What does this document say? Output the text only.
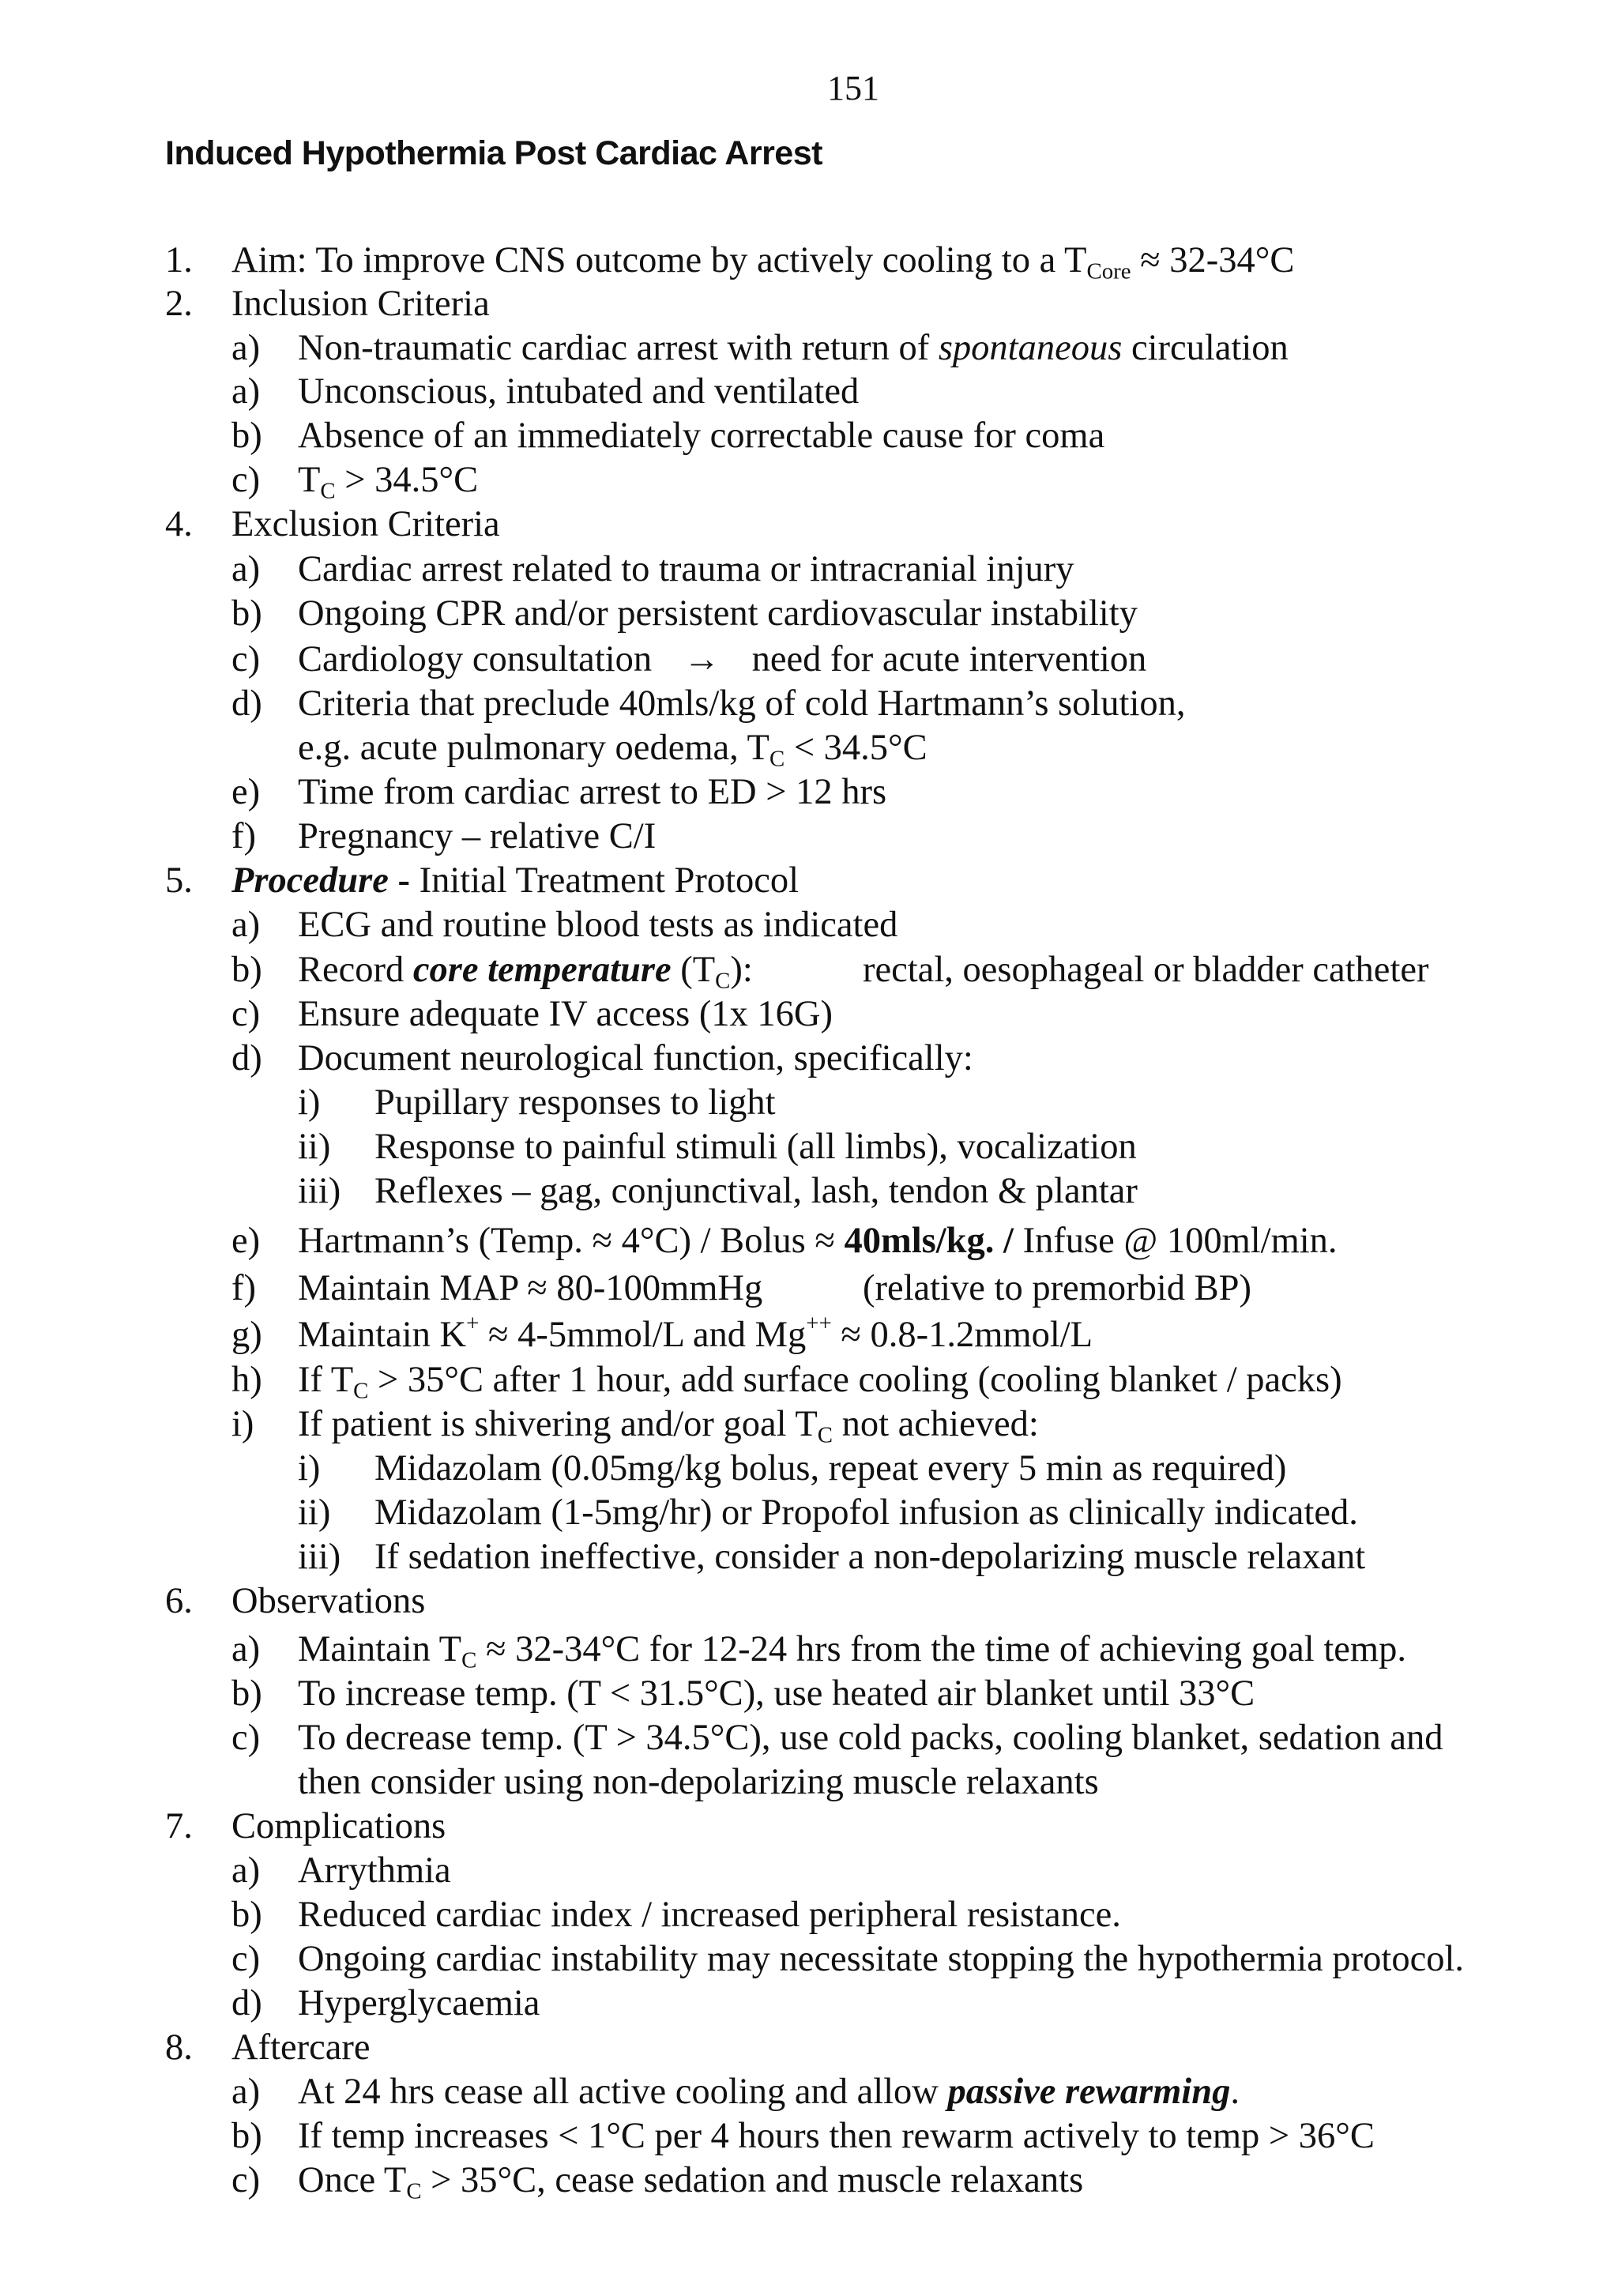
151
Induced Hypothermia Post Cardiac Arrest
1. Aim: To improve CNS outcome by actively cooling to a $T_{Core} \approx 32-34^\circ C$
2. Inclusion Criteria
a) Non-traumatic cardiac arrest with return of spontaneous circulation
a) Unconscious, intubated and ventilated
b) Absence of an immediately correctable cause for coma
c) $T_C > 34.5^\circ C$
4. Exclusion Criteria
a) Cardiac arrest related to trauma or intracranial injury
b) Ongoing CPR and/or persistent cardiovascular instability
c) Cardiology consultation → need for acute intervention
d) Criteria that preclude 40mls/kg of cold Hartmann’s solution,
e.g. acute pulmonary oedema, $T_C < 34.5^\circ C$
e) Time from cardiac arrest to ED > 12 hrs
f) Pregnancy – relative C/I
5. Procedure - Initial Treatment Protocol
a) ECG and routine blood tests as indicated
b) Record core temperature $(T_C)$:	rectal, oesophageal or bladder catheter
c) Ensure adequate IV access (1x 16G)
d) Document neurological function, specifically:
i) Pupillary responses to light
ii) Response to painful stimuli (all limbs), vocalization
iii) Reflexes – gag, conjunctival, lash, tendon & plantar
e) Hartmann’s (Temp. ≈ 4°C) / Bolus ≈ 40mls/kg. / Infuse @ 100ml/min.
f) Maintain MAP ≈ 80-100mmHg	(relative to premorbid BP)
g) Maintain K+ ≈ 4-5mmol/L and Mg++ ≈ 0.8-1.2mmol/L
h) If $T_C > 35^\circ C$ after 1 hour, add surface cooling (cooling blanket / packs)
i) If patient is shivering and/or goal $T_C$ not achieved:
i) Midazolam (0.05mg/kg bolus, repeat every 5 min as required)
ii) Midazolam (1-5mg/hr) or Propofol infusion as clinically indicated.
iii) If sedation ineffective, consider a non-depolarizing muscle relaxant
6. Observations
a) Maintain $T_C \approx 32-34^\circ C$ for 12-24 hrs from the time of achieving goal temp.
b) To increase temp. (T < 31.5°C), use heated air blanket until 33°C
c) To decrease temp. (T > 34.5°C), use cold packs, cooling blanket, sedation and
then consider using non-depolarizing muscle relaxants
7. Complications
a) Arrythmia
b) Reduced cardiac index / increased peripheral resistance.
c) Ongoing cardiac instability may necessitate stopping the hypothermia protocol.
d) Hyperglycaemia
8. Aftercare
a) At 24 hrs cease all active cooling and allow passive rewarming.
b) If temp increases < 1°C per 4 hours then rewarm actively to temp > 36°C
c) Once $T_C > 35^\circ C$, cease sedation and muscle relaxants
